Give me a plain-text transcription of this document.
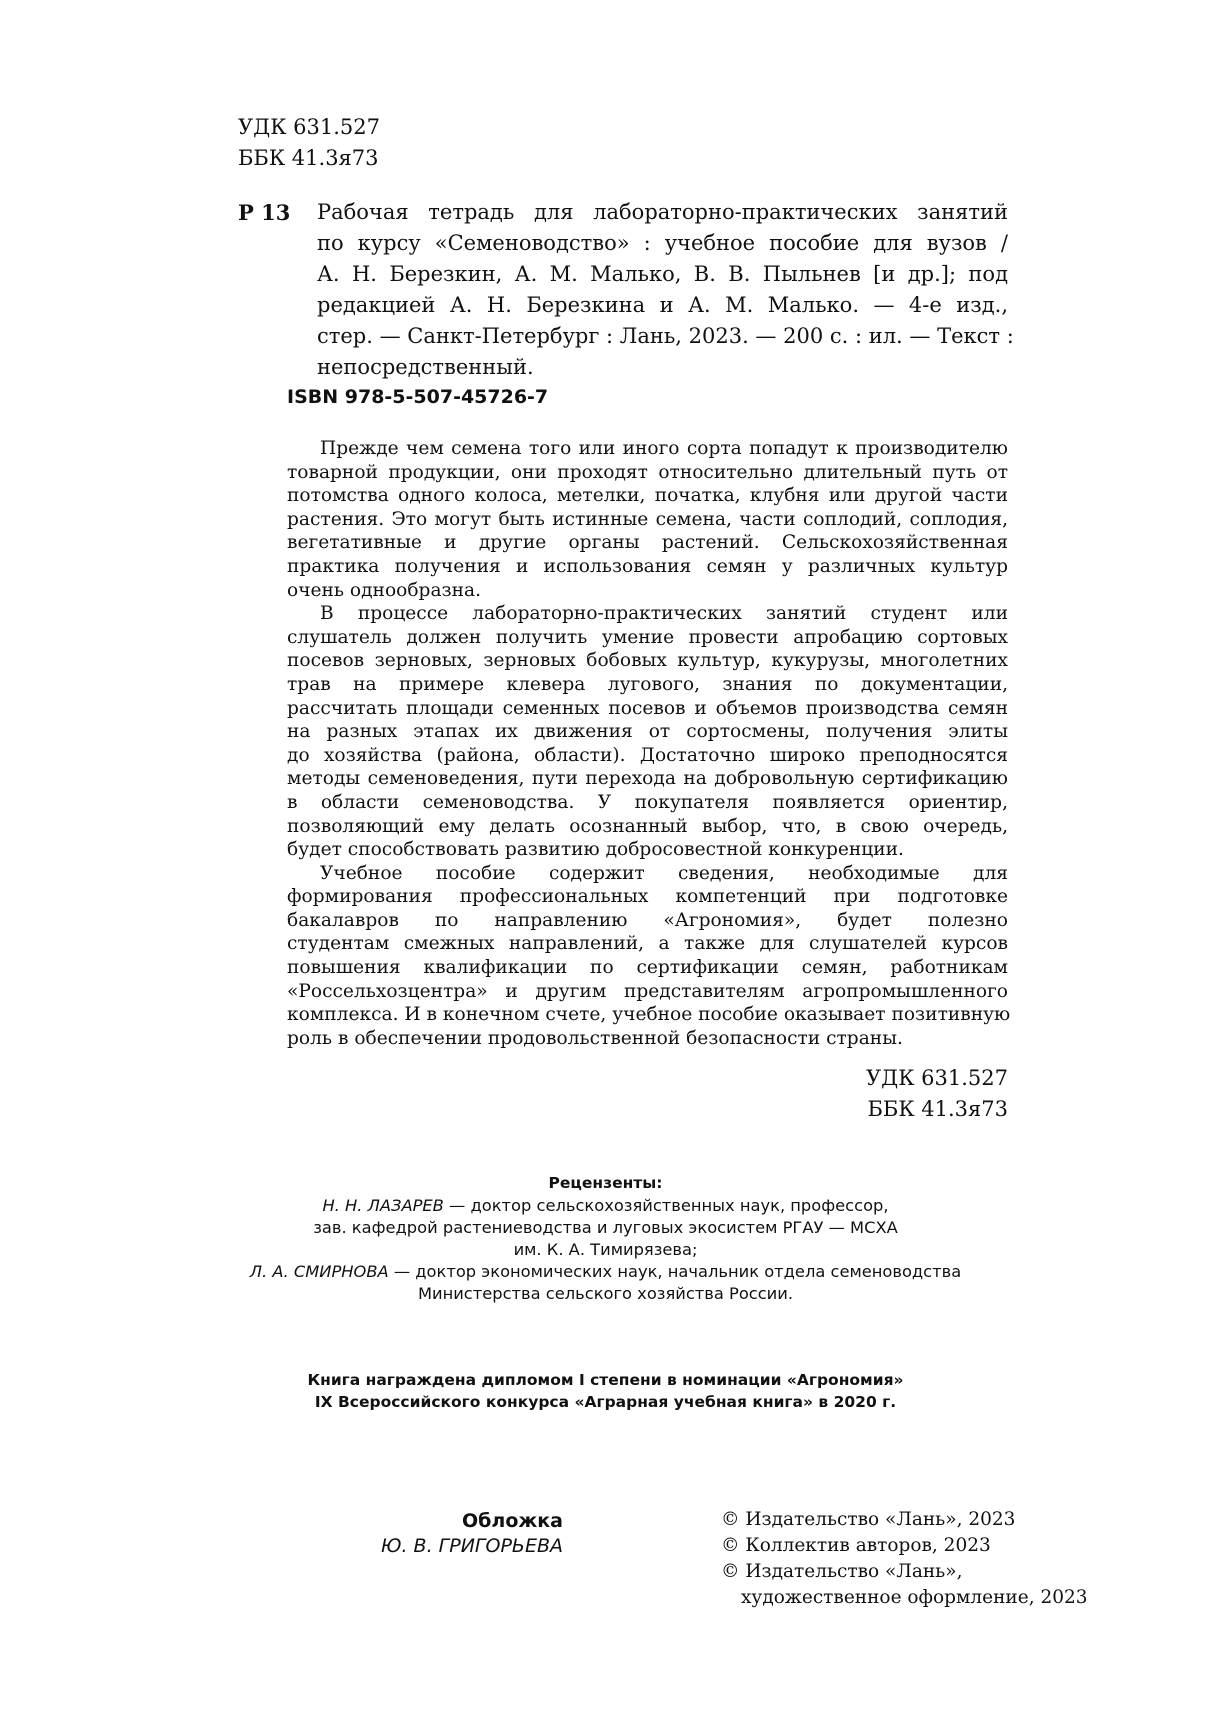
УДК 631.527
ББК 41.3я73
Р 13 Рабочая тетрадь для лабораторно-практических занятий
по курсу «Семеноводство» : учебное пособие для вузов /
А. Н. Березкин, А. М. Малько, В. В. Пыльнев [и др.]; под
редакцией А. Н. Березкина и А. М. Малько. — 4-е изд.,
стер. — Санкт-Петербург : Лань, 2023. — 200 с. : ил. — Текст :
непосредственный.
ISBN 978-5-507-45726-7
Прежде чем семена того или иного сорта попадут к производителю
товарной продукции, они проходят относительно длительный путь от
потомства одного колоса, метелки, початка, клубня или другой части
растения. Это могут быть истинные семена, части соплодий, соплодия,
вегетативные и другие органы растений. Сельскохозяйственная
практика получения и использования семян у различных культур
очень однообразна.
В процессе лабораторно-практических занятий студент или
слушатель должен получить умение провести апробацию сортовых
посевов зерновых, зерновых бобовых культур, кукурузы, многолетних
трав на примере клевера лугового, знания по документации,
рассчитать площади семенных посевов и объемов производства семян
на разных этапах их движения от сортосмены, получения элиты
до хозяйства (района, области). Достаточно широко преподносятся
методы семеноведения, пути перехода на добровольную сертификацию
в области семеноводства. У покупателя появляется ориентир,
позволяющий ему делать осознанный выбор, что, в свою очередь,
будет способствовать развитию добросовестной конкуренции.
Учебное пособие содержит сведения, необходимые для
формирования профессиональных компетенций при подготовке
бакалавров по направлению «Агрономия», будет полезно
студентам смежных направлений, а также для слушателей курсов
повышения квалификации по сертификации семян, работникам
«Россельхозцентра» и другим представителям агропромышленного
комплекса. И в конечном счете, учебное пособие оказывает позитивную
роль в обеспечении продовольственной безопасности страны.
УДК 631.527
ББК 41.3я73
Рецензенты:
Н. Н. ЛАЗАРЕВ — доктор сельскохозяйственных наук, профессор,
зав. кафедрой растениеводства и луговых экосистем РГАУ — МСХА
им. К. А. Тимирязева;
Л. А. СМИРНОВА — доктор экономических наук, начальник отдела семеноводства
Министерства сельского хозяйства России.
Книга награждена дипломом I степени в номинации «Агрономия»
IX Всероссийского конкурса «Аграрная учебная книга» в 2020 г.
Обложка
Ю. В. ГРИГОРЬЕВА
© Издательство «Лань», 2023
© Коллектив авторов, 2023
© Издательство «Лань»,
художественное оформление, 2023
